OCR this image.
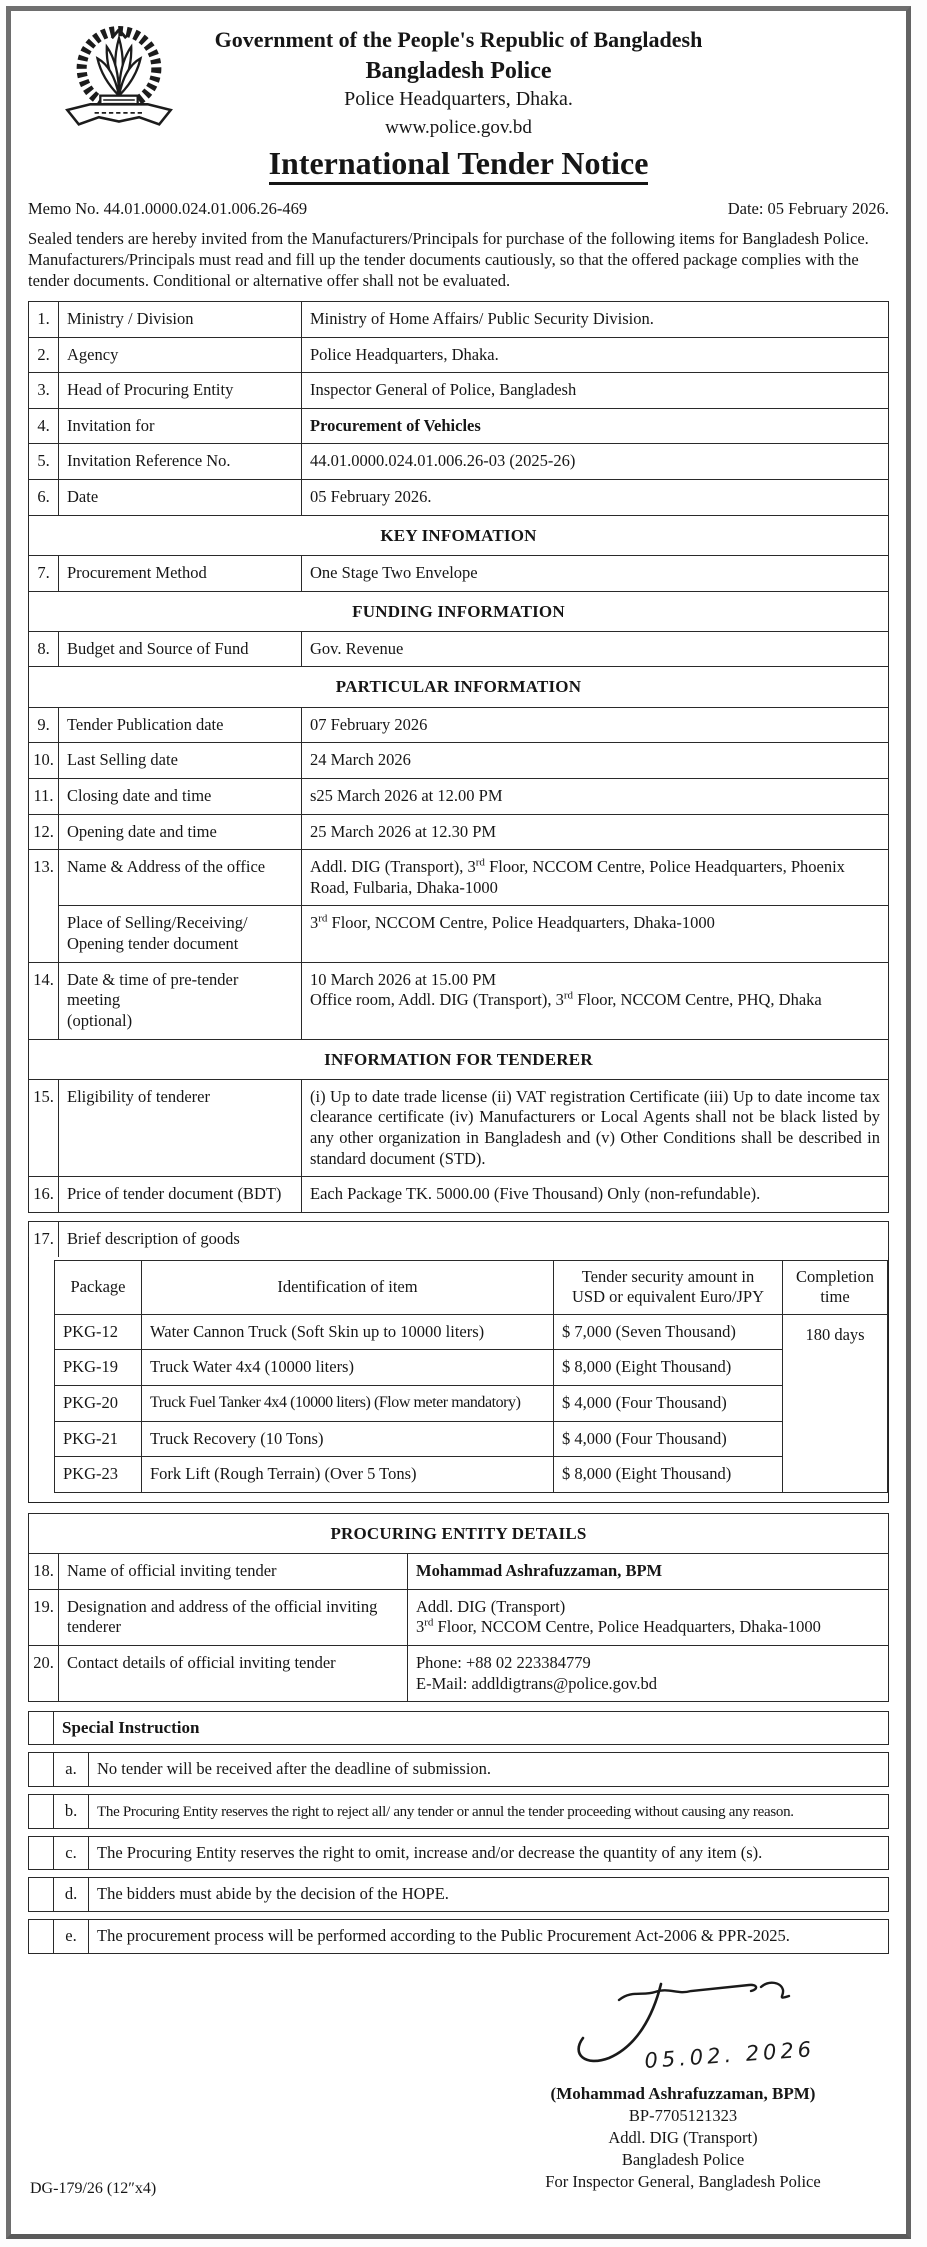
Government of the People's Republic of Bangladesh
Bangladesh Police
Police Headquarters, Dhaka.
www.police.gov.bd
International Tender Notice
Memo No. 44.01.0000.024.01.006.26-469	Date: 05 February 2026.

Sealed tenders are hereby invited from the Manufacturers/Principals for purchase of the following items for Bangladesh Police. Manufacturers/Principals must read and fill up the tender documents cautiously, so that the offered package complies with the tender documents. Conditional or alternative offer shall not be evaluated.

1.	Ministry / Division	Ministry of Home Affairs/ Public Security Division.
2.	Agency	Police Headquarters, Dhaka.
3.	Head of Procuring Entity	Inspector General of Police, Bangladesh
4.	Invitation for	Procurement of Vehicles
5.	Invitation Reference No.	44.01.0000.024.01.006.26-03 (2025-26)
6.	Date	05 February 2026.
KEY INFOMATION		
7.	Procurement Method	One Stage Two Envelope
FUNDING INFORMATION		
8.	Budget and Source of Fund	Gov. Revenue
PARTICULAR INFORMATION		
9.	Tender Publication date	07 February 2026
10.	Last Selling date	24 March 2026
11.	Closing date and time	s25 March 2026 at 12.00 PM
12.	Opening date and time	25 March 2026 at 12.30 PM
13.	Name & Address of the office	Addl. DIG (Transport), 3rd Floor, NCCOM Centre, Police Headquarters, Phoenix Road, Fulbaria, Dhaka-1000
	Place of Selling/Receiving/
Opening tender document	3rd Floor, NCCOM Centre, Police Headquarters, Dhaka-1000
14.	Date & time of pre-tender meeting
(optional)	10 March 2026 at 15.00 PM
Office room, Addl. DIG (Transport), 3rd Floor, NCCOM Centre, PHQ, Dhaka
INFORMATION FOR TENDERER		
15.	Eligibility of tenderer	(i) Up to date trade license (ii) VAT registration Certificate (iii) Up to date income tax clearance certificate (iv) Manufacturers or Local Agents shall not be black listed by any other organization in Bangladesh and (v) Other Conditions shall be described in standard document (STD).
16.	Price of tender document (BDT)	Each Package TK. 5000.00 (Five Thousand) Only (non-refundable).
17.	Brief description of goods

Package	Identification of item	Tender security amount in
USD or equivalent Euro/JPY	Completion
time
PKG-12	Water Cannon Truck (Soft Skin up to 10000 liters)	$ 7,000 (Seven Thousand)	180 days
PKG-19	Truck Water 4x4 (10000 liters)	$ 8,000 (Eight Thousand)
PKG-20	Truck Fuel Tanker 4x4 (10000 liters) (Flow meter mandatory)	$ 4,000 (Four Thousand)
PKG-21	Truck Recovery (10 Tons)	$ 4,000 (Four Thousand)
PKG-23	Fork Lift (Rough Terrain) (Over 5 Tons)	$ 8,000 (Eight Thousand)
PROCURING ENTITY DETAILS		
18.	Name of official inviting tender	Mohammad Ashrafuzzaman, BPM
19.	Designation and address of the official inviting tenderer	Addl. DIG (Transport)
3rd Floor, NCCOM Centre, Police Headquarters, Dhaka-1000
20.	Contact details of official inviting tender	Phone: +88 02 223384779
E-Mail: addldigtrans@police.gov.bd
Special Instruction
a.	No tender will be received after the deadline of submission.
b.	The Procuring Entity reserves the right to reject all/ any tender or annul the tender proceeding without causing any reason.
c.	The Procuring Entity reserves the right to omit, increase and/or decrease the quantity of any item (s).
d.	The bidders must abide by the decision of the HOPE.
e.	The procurement process will be performed according to the Public Procurement Act-2006 & PPR-2025.
05.02. 2026
(Mohammad Ashrafuzzaman, BPM)
BP-7705121323
Addl. DIG (Transport)
Bangladesh Police
For Inspector General, Bangladesh Police
DG-179/26 (12″x4)
